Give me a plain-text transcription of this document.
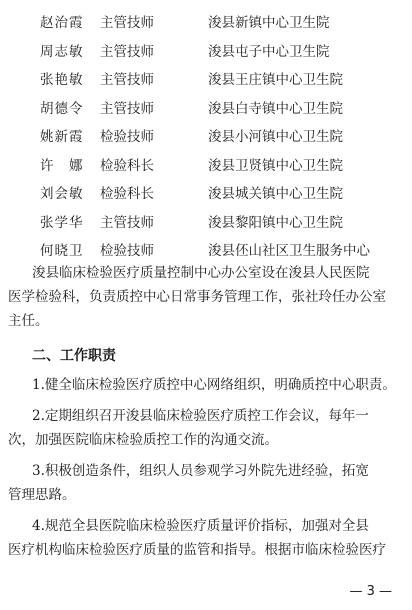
赵治霞 主管技师	浚县新镇中心卫生院
周志敏 主管技师	浚县屯子中心卫生院
张艳敏 主管技师	浚县王庄镇中心卫生院
胡德令 主管技师	浚县白寺镇中心卫生院
姚新霞 检验技师	浚县小河镇中心卫生院
许　娜 检验科长	浚县卫贤镇中心卫生院
刘会敏 检验科长	浚县城关镇中心卫生院
张学华 主管技师	浚县黎阳镇中心卫生院
何晓卫 检验技师	浚县伾山社区卫生服务中心
浚县临床检验医疗质量控制中心办公室设在浚县人民医院
医学检验科，负责质控中心日常事务管理工作，张社玲任办公室
主任。
二、工作职责
1.健全临床检验医疗质控中心网络组织，明确质控中心职责。
2.定期组织召开浚县临床检验医疗质控工作会议，每年一
次，加强医院临床检验质控工作的沟通交流。
3.积极创造条件，组织人员参观学习外院先进经验，拓宽
管理思路。
4.规范全县医院临床检验医疗质量评价指标，加强对全县
医疗机构临床检验医疗质量的监管和指导。根据市临床检验医疗
— 3 —
